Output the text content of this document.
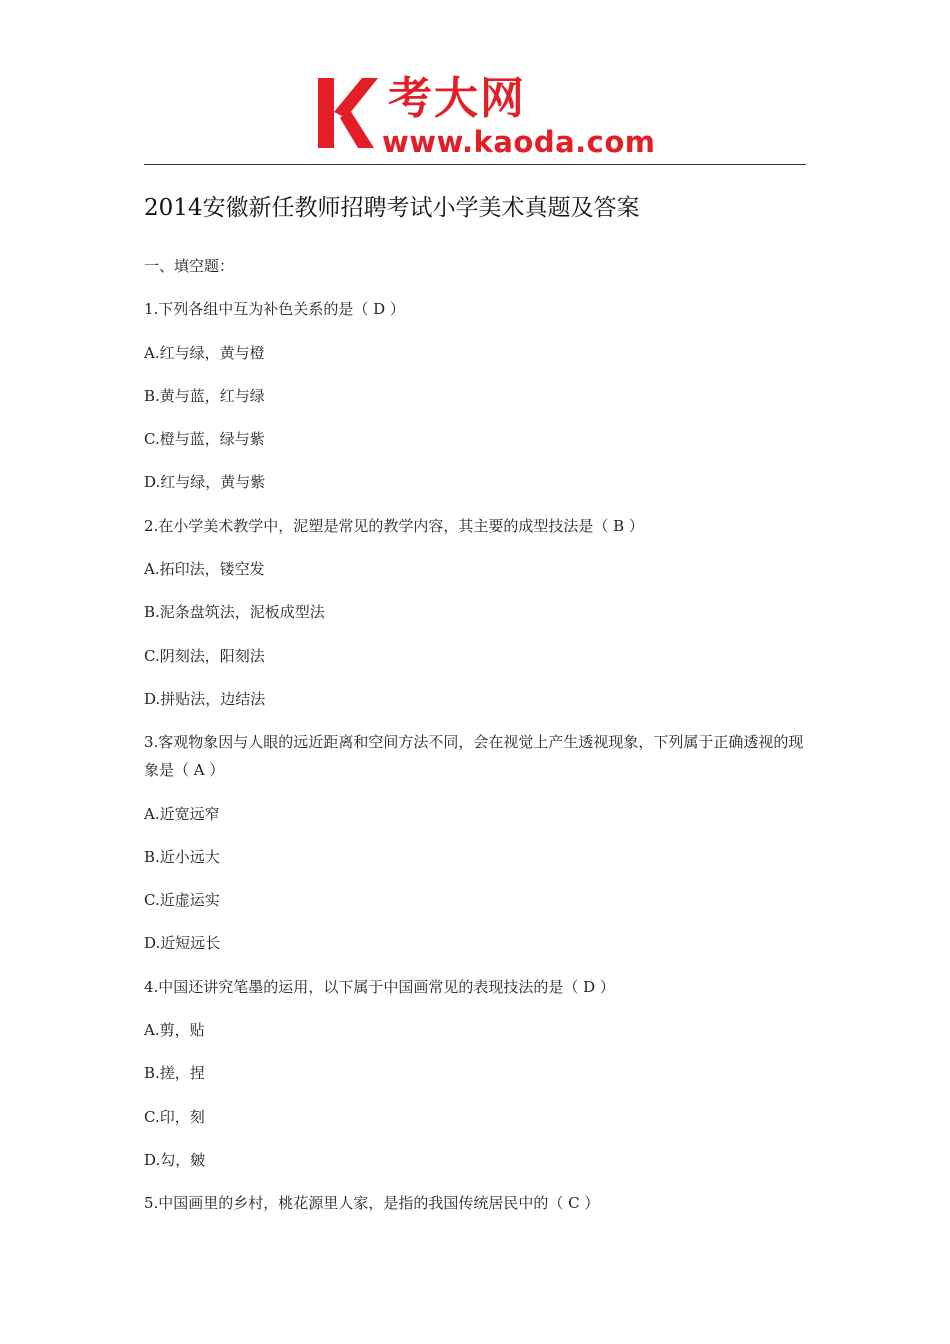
考大网
www.kaoda.com
2014安徽新任教师招聘考试小学美术真题及答案

一、填空题：

1.下列各组中互为补色关系的是（ D ）

A.红与绿，黄与橙

B.黄与蓝，红与绿

C.橙与蓝，绿与紫

D.红与绿，黄与紫

2.在小学美术教学中，泥塑是常见的教学内容，其主要的成型技法是（ B ）

A.拓印法，镂空发

B.泥条盘筑法，泥板成型法

C.阴刻法，阳刻法

D.拼贴法，边结法

3.客观物象因与人眼的远近距离和空间方法不同，会在视觉上产生透视现象，下列属于正确透视的现象是（ A ）

A.近宽远窄

B.近小远大

C.近虚运实

D.近短远长

4.中国还讲究笔墨的运用，以下属于中国画常见的表现技法的是（ D ）

A.剪，贴

B.搓，捏

C.印，刻

D.勾，皴

5.中国画里的乡村，桃花源里人家，是指的我国传统居民中的（ C ）
